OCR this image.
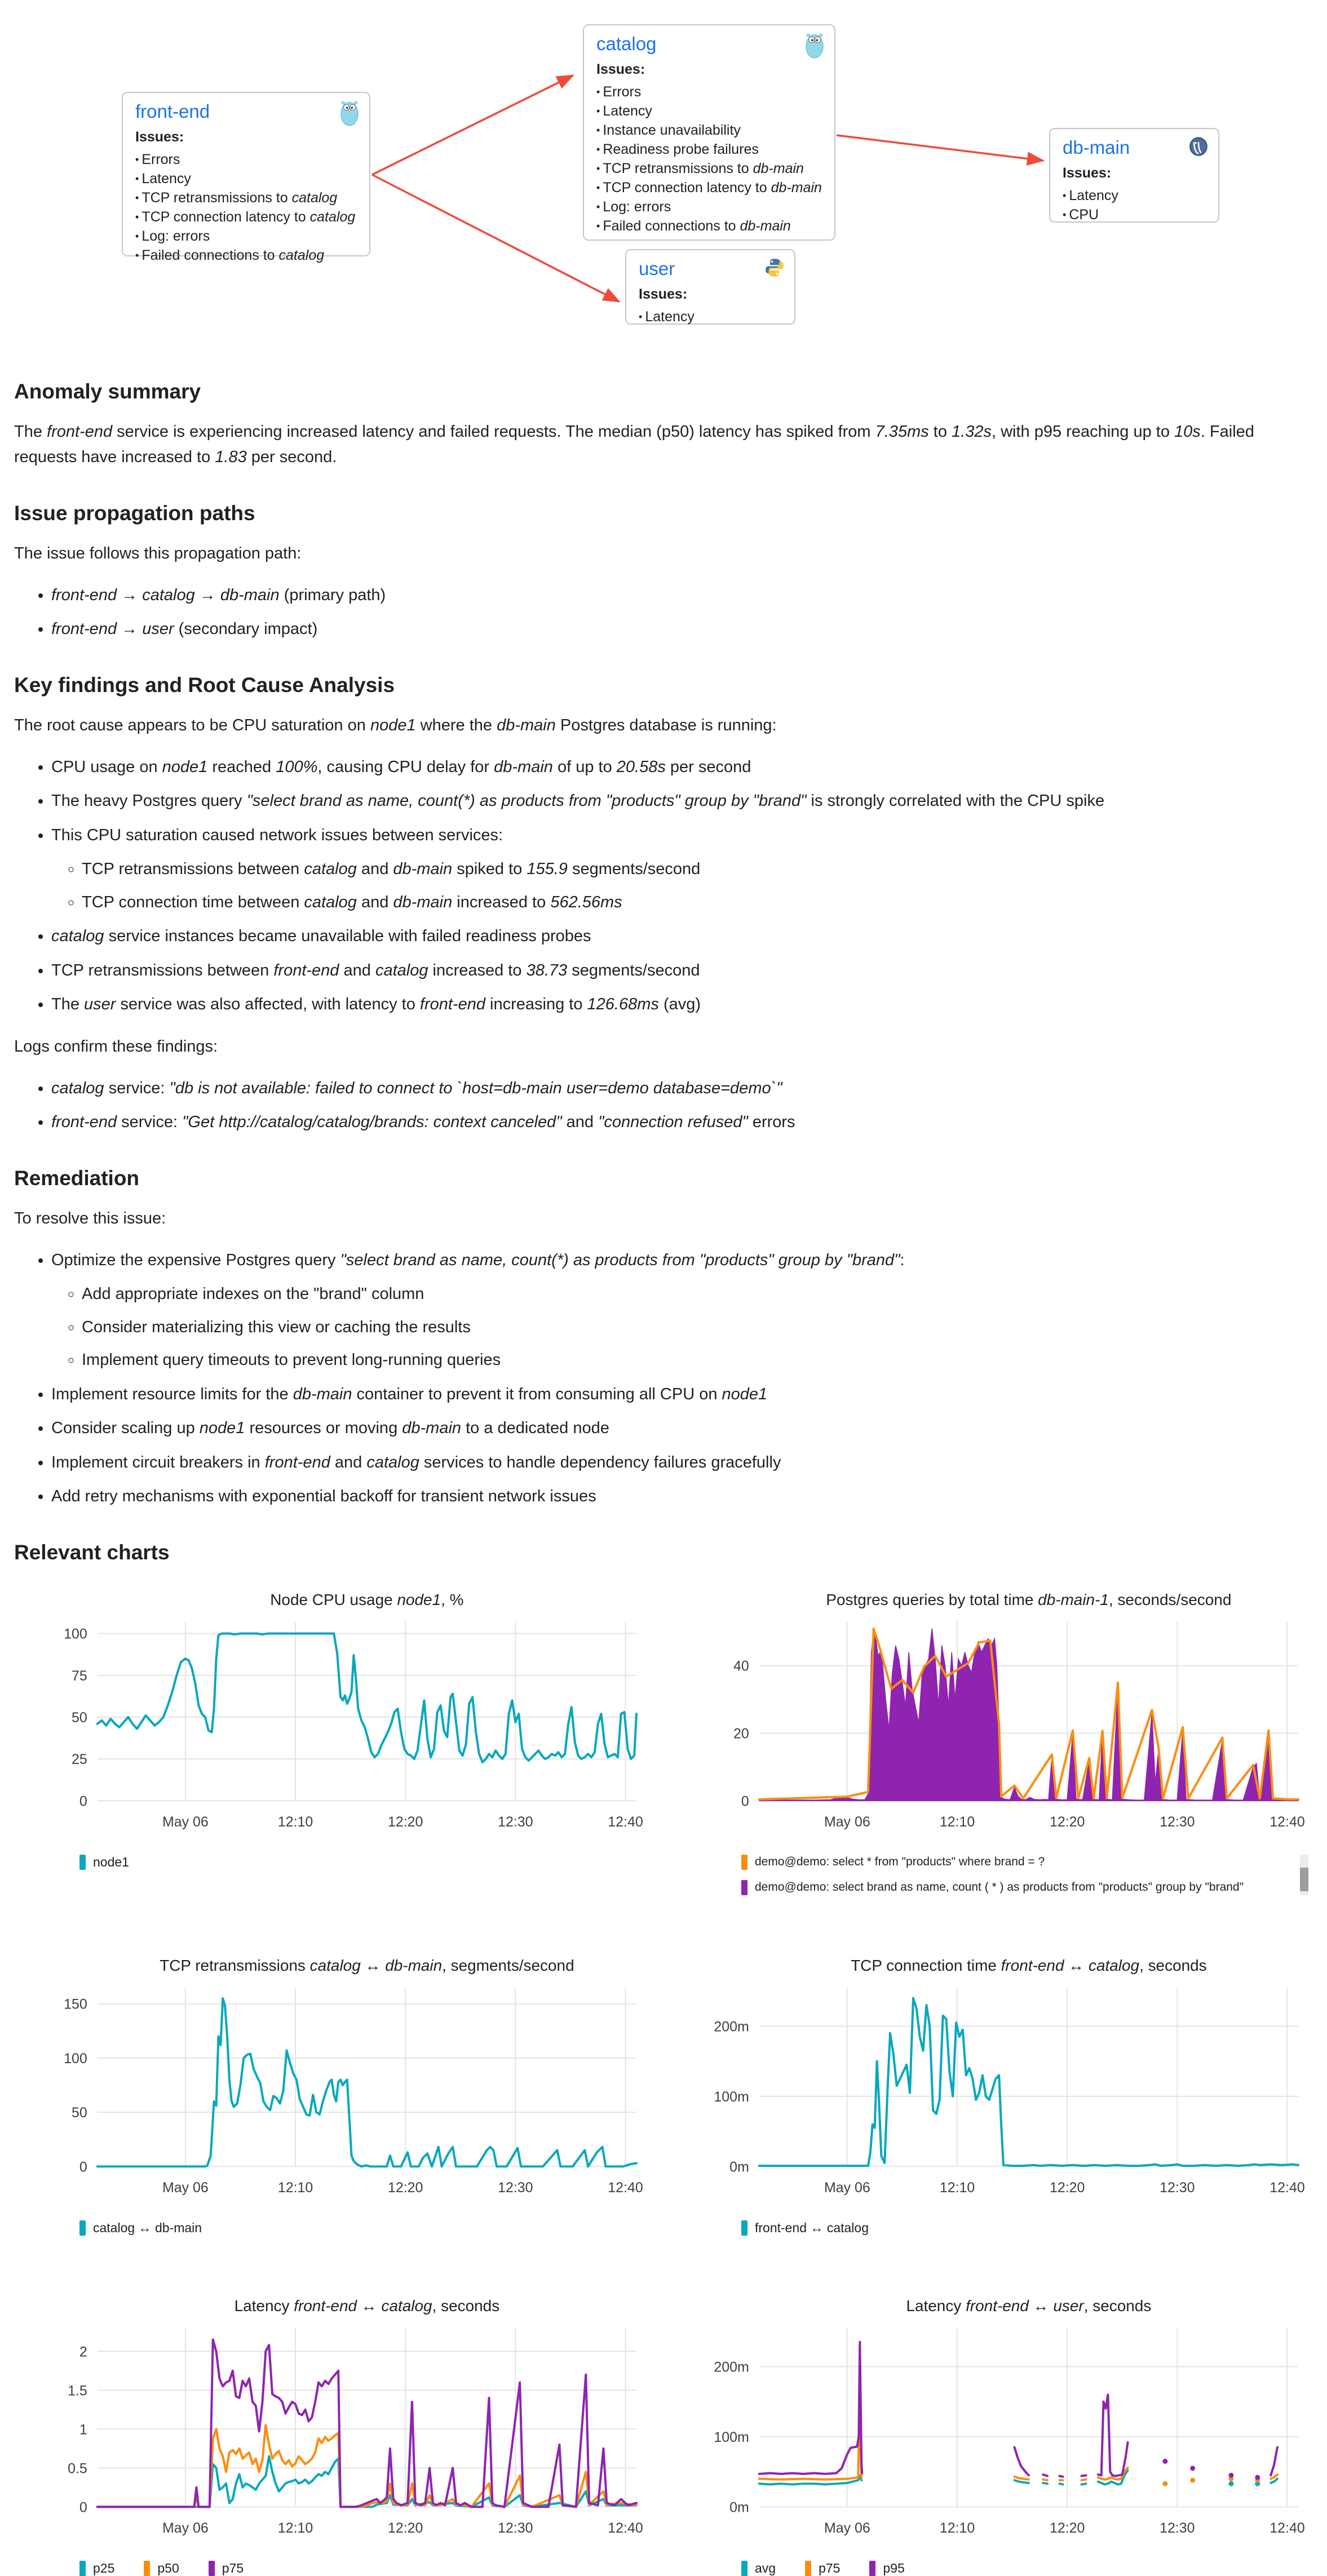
front-end
Issues:
• Errors
• Latency
• TCP retransmissions to catalog
• TCP connection latency to catalog
• Log: errors
• Failed connections to catalog
catalog
Issues:
• Errors
• Latency
• Instance unavailability
• Readiness probe failures
• TCP retransmissions to db-main
• TCP connection latency to db-main
• Log: errors
• Failed connections to db-main
db-main
Issues:
• Latency
• CPU
user
Issues:
• Latency
Anomaly summary

The front-end service is experiencing increased latency and failed requests. The median (p50) latency has spiked from 7.35ms to 1.32s, with p95 reaching up to 10s. Failed requests have increased to 1.83 per second.

Issue propagation paths

The issue follows this propagation path:

• front-end → catalog → db-main (primary path)
• front-end → user (secondary impact)
Key findings and Root Cause Analysis

The root cause appears to be CPU saturation on node1 where the db-main Postgres database is running:

• CPU usage on node1 reached 100%, causing CPU delay for db-main of up to 20.58s per second
• The heavy Postgres query "select brand as name, count(*) as products from "products" group by "brand" is strongly correlated with the CPU spike
• This CPU saturation caused network issues between services:
◦ TCP retransmissions between catalog and db-main spiked to 155.9 segments/second
◦ TCP connection time between catalog and db-main increased to 562.56ms
• catalog service instances became unavailable with failed readiness probes
• TCP retransmissions between front-end and catalog increased to 38.73 segments/second
• The user service was also affected, with latency to front-end increasing to 126.68ms (avg)

Logs confirm these findings:

• catalog service: "db is not available: failed to connect to `host=db-main user=demo database=demo`"
• front-end service: "Get http://catalog/catalog/brands: context canceled" and "connection refused" errors
Remediation

To resolve this issue:

• Optimize the expensive Postgres query "select brand as name, count(*) as products from "products" group by "brand":
◦ Add appropriate indexes on the "brand" column
◦ Consider materializing this view or caching the results
◦ Implement query timeouts to prevent long-running queries
• Implement resource limits for the db-main container to prevent it from consuming all CPU on node1
• Consider scaling up node1 resources or moving db-main to a dedicated node
• Implement circuit breakers in front-end and catalog services to handle dependency failures gracefully
• Add retry mechanisms with exponential backoff for transient network issues
Relevant charts
May 06	12:10	12:20	12:30	12:40
0
25
50
75
100
Node CPU usage node1, %
node1
May 06	12:10	12:20	12:30	12:40
0
20
40
Postgres queries by total time db-main-1, seconds/second
demo@demo: select * from "products" where brand = ?
demo@demo: select brand as name, count ( * ) as products from "products" group by "brand"
May 06	12:10	12:20	12:30	12:40
0
50
100
150
TCP retransmissions catalog ↔ db-main, segments/second
catalog ↔ db-main
May 06	12:10	12:20	12:30	12:40
0m
100m
200m
TCP connection time front-end ↔ catalog, seconds
front-end ↔ catalog
May 06	12:10	12:20	12:30	12:40
0
0.5
1
1.5
2
Latency front-end ↔ catalog, seconds
p25	p50	p75
May 06	12:10	12:20	12:30	12:40
0m
100m
200m
Latency front-end ↔ user, seconds
avg	p75	p95
